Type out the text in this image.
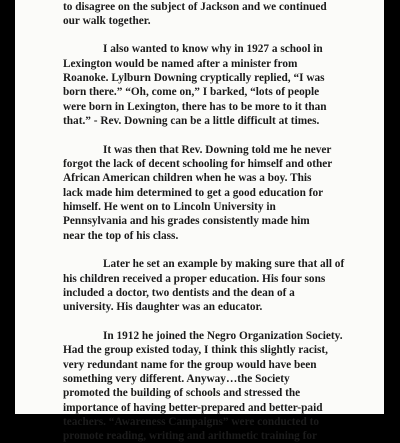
to disagree on the subject of Jackson and we continued
our walk together.
I also wanted to know why in 1927 a school in
Lexington would be named after a minister from
Roanoke. Lylburn Downing cryptically replied, “I was
born there.” “Oh, come on,” I barked, “lots of people
were born in Lexington, there has to be more to it than
that.” - Rev. Downing can be a little difficult at times.
It was then that Rev. Downing told me he never
forgot the lack of decent schooling for himself and other
African American children when he was a boy. This
lack made him determined to get a good education for
himself. He went on to Lincoln University in
Pennsylvania and his grades consistently made him
near the top of his class.
Later he set an example by making sure that all of
his children received a proper education. His four sons
included a doctor, two dentists and the dean of a
university. His daughter was an educator.
In 1912 he joined the Negro Organization Society.
Had the group existed today, I think this slightly racist,
very redundant name for the group would have been
something very different. Anyway…the Society
promoted the building of schools and stressed the
importance of having better-prepared and better-paid
teachers. “Awareness Campaigns” were conducted to
promote reading, writing and arithmetic training for
